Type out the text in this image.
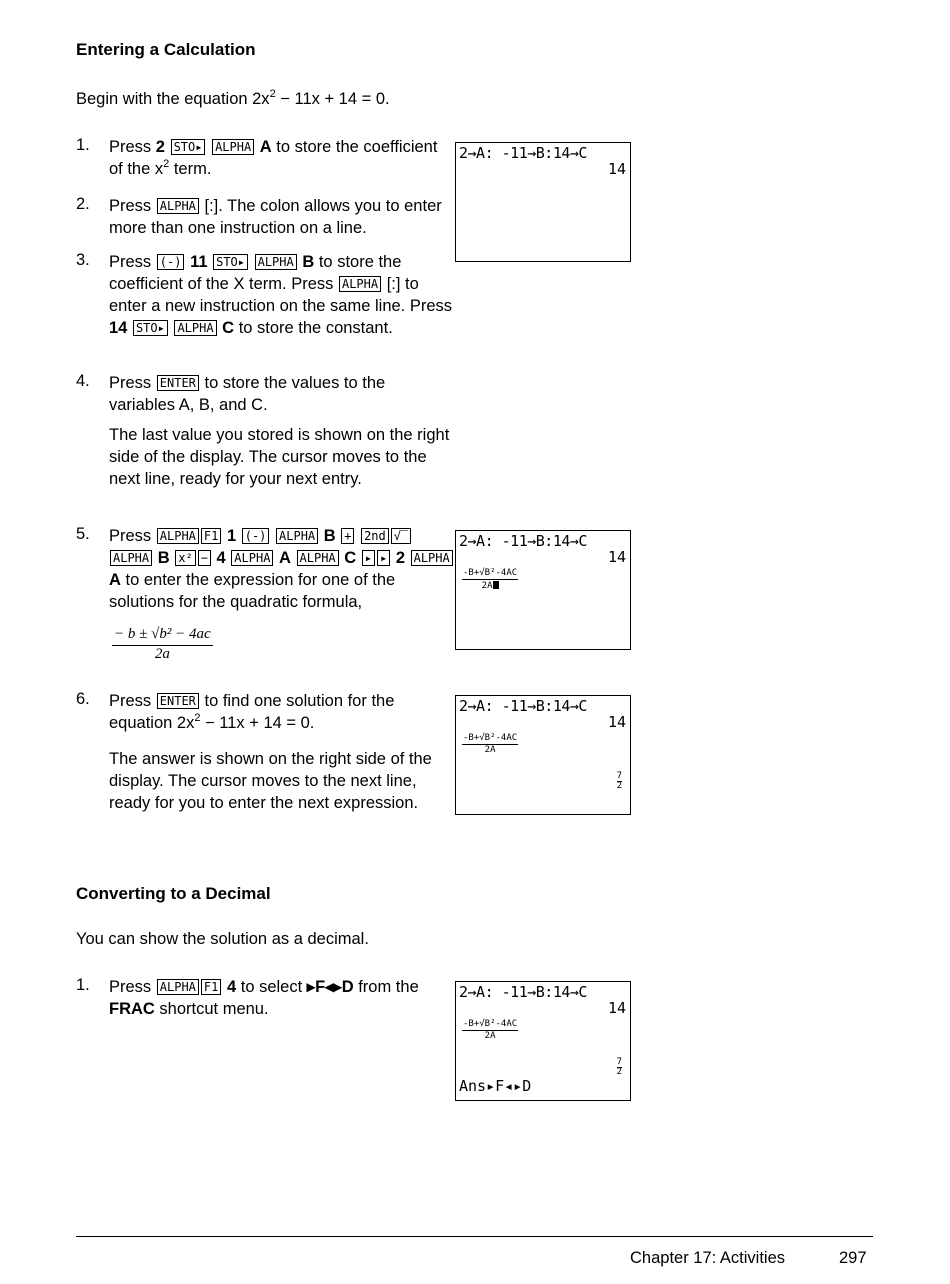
Entering a Calculation
Begin with the equation $2x^2 - 11x + 14 = 0$.
1. Press 2 STO▸ ALPHA A to store the coefficient of the $x^2$ term.
2. Press ALPHA [:]. The colon allows you to enter more than one instruction on a line.
3. Press (-) 11 STO▸ ALPHA B to store the coefficient of the X term. Press ALPHA [:] to enter a new instruction on the same line. Press 14 STO▸ ALPHA C to store the constant.
4. Press ENTER to store the values to the variables A, B, and C.
The last value you stored is shown on the right side of the display. The cursor moves to the next line, ready for your next entry.
5. Press ALPHA F1 1 (-) ALPHA B + 2nd √‾ ALPHA B x² − 4 ALPHA A ALPHA C ▸ ▸ 2 ALPHA A to enter the expression for one of the solutions for the quadratic formula,
$\frac{\text{− b ± √b² − 4ac}}{2a}$
6. Press ENTER to find one solution for the equation $2x^2 - 11x + 14 = 0$.
The answer is shown on the right side of the display. The cursor moves to the next line, ready for you to enter the next expression.
2→A: -11→B:14→C
14
2→A: -11→B:14→C
14
$\frac{\text{-B+√B²-4AC}}{2A}$
2→A: -11→B:14→C
14
$\frac{\text{-B+√B²-4AC}}{2A}$
7
2
Converting to a Decimal
You can show the solution as a decimal.
1. Press ALPHA F1 4 to select ▸F◂▸D from the FRAC shortcut menu.
2→A: -11→B:14→C
14
$\frac{\text{-B+√B²-4AC}}{2A}$
7
2
Ans▸F◂▸D
Chapter 17: Activities	297
